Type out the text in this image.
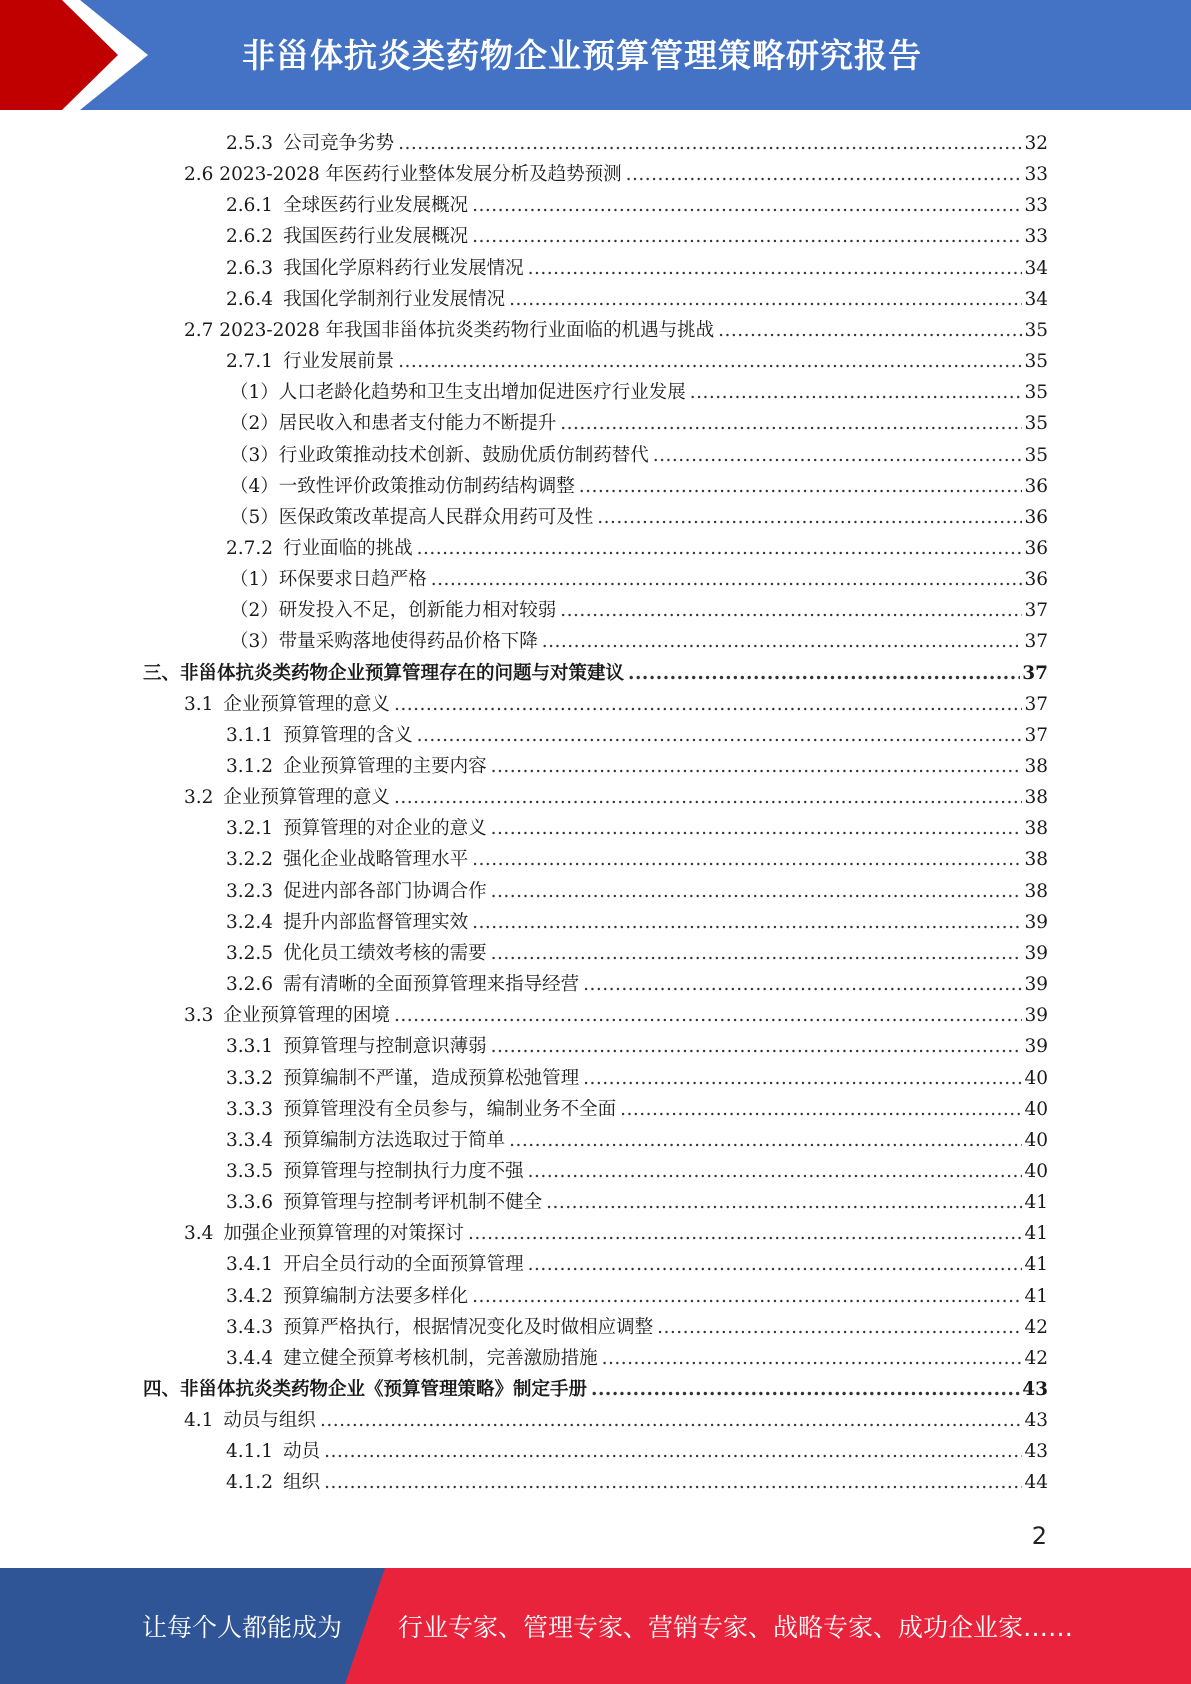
非甾体抗炎类药物企业预算管理策略研究报告
2.5.3 公司竞争劣势 .....	32
2.6 2023-2028 年医药行业整体发展分析及趋势预测 .....	33
2.6.1 全球医药行业发展概况 .....	33
2.6.2 我国医药行业发展概况 .....	33
2.6.3 我国化学原料药行业发展情况 .....	34
2.6.4 我国化学制剂行业发展情况 .....	34
2.7 2023-2028 年我国非甾体抗炎类药物行业面临的机遇与挑战 .....	35
2.7.1 行业发展前景 .....	35
（1）人口老龄化趋势和卫生支出增加促进医疗行业发展 .....	35
（2）居民收入和患者支付能力不断提升 .....	35
（3）行业政策推动技术创新、鼓励优质仿制药替代 .....	35
（4）一致性评价政策推动仿制药结构调整 .....	36
（5）医保政策改革提高人民群众用药可及性 .....	36
2.7.2 行业面临的挑战 .....	36
（1）环保要求日趋严格 .....	36
（2）研发投入不足，创新能力相对较弱 .....	37
（3）带量采购落地使得药品价格下降 .....	37
三、非甾体抗炎类药物企业预算管理存在的问题与对策建议 .....	37
3.1 企业预算管理的意义 .....	37
3.1.1 预算管理的含义 .....	37
3.1.2 企业预算管理的主要内容 .....	38
3.2 企业预算管理的意义 .....	38
3.2.1 预算管理的对企业的意义 .....	38
3.2.2 强化企业战略管理水平 .....	38
3.2.3 促进内部各部门协调合作 .....	38
3.2.4 提升内部监督管理实效 .....	39
3.2.5 优化员工绩效考核的需要 .....	39
3.2.6 需有清晰的全面预算管理来指导经营 .....	39
3.3 企业预算管理的困境 .....	39
3.3.1 预算管理与控制意识薄弱 .....	39
3.3.2 预算编制不严谨，造成预算松弛管理 .....	40
3.3.3 预算管理没有全员参与，编制业务不全面 .....	40
3.3.4 预算编制方法选取过于简单 .....	40
3.3.5 预算管理与控制执行力度不强 .....	40
3.3.6 预算管理与控制考评机制不健全 .....	41
3.4 加强企业预算管理的对策探讨 .....	41
3.4.1 开启全员行动的全面预算管理 .....	41
3.4.2 预算编制方法要多样化 .....	41
3.4.3 预算严格执行，根据情况变化及时做相应调整 .....	42
3.4.4 建立健全预算考核机制，完善激励措施 .....	42
四、非甾体抗炎类药物企业《预算管理策略》制定手册 .....	43
4.1 动员与组织 .....	43
4.1.1 动员 .....	43
4.1.2 组织 .....	44
2
让每个人都能成为 行业专家、管理专家、营销专家、战略专家、成功企业家……
